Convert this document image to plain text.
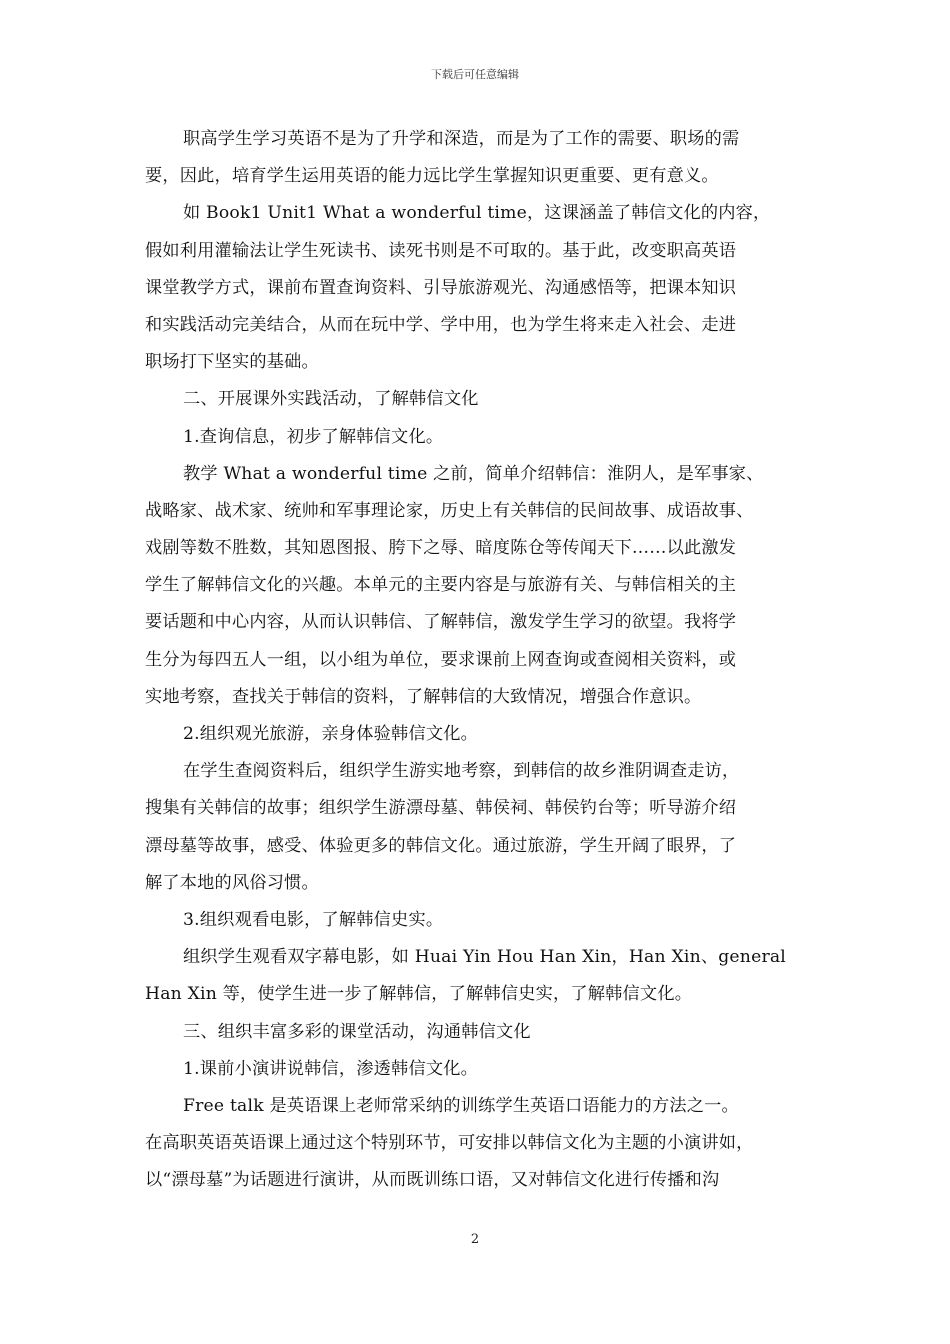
下载后可任意编辑
职高学生学习英语不是为了升学和深造，而是为了工作的需要、职场的需
要，因此，培育学生运用英语的能力远比学生掌握知识更重要、更有意义。
如 Book1 Unit1 What a wonderful time，这课涵盖了韩信文化的内容，
假如利用灌输法让学生死读书、读死书则是不可取的。基于此，改变职高英语
课堂教学方式，课前布置查询资料、引导旅游观光、沟通感悟等，把课本知识
和实践活动完美结合，从而在玩中学、学中用，也为学生将来走入社会、走进
职场打下坚实的基础。
二、开展课外实践活动，了解韩信文化
1.查询信息，初步了解韩信文化。
教学 What a wonderful time 之前，简单介绍韩信：淮阴人，是军事家、
战略家、战术家、统帅和军事理论家，历史上有关韩信的民间故事、成语故事、
戏剧等数不胜数，其知恩图报、胯下之辱、暗度陈仓等传闻天下……以此激发
学生了解韩信文化的兴趣。本单元的主要内容是与旅游有关、与韩信相关的主
要话题和中心内容，从而认识韩信、了解韩信，激发学生学习的欲望。我将学
生分为每四五人一组，以小组为单位，要求课前上网查询或查阅相关资料，或
实地考察，查找关于韩信的资料，了解韩信的大致情况，增强合作意识。
2.组织观光旅游，亲身体验韩信文化。
在学生查阅资料后，组织学生游实地考察，到韩信的故乡淮阴调查走访，
搜集有关韩信的故事；组织学生游漂母墓、韩侯祠、韩侯钓台等；听导游介绍
漂母墓等故事，感受、体验更多的韩信文化。通过旅游，学生开阔了眼界，了
解了本地的风俗习惯。
3.组织观看电影，了解韩信史实。
组织学生观看双字幕电影，如 Huai Yin Hou Han Xin，Han Xin、general
Han Xin 等，使学生进一步了解韩信，了解韩信史实，了解韩信文化。
三、组织丰富多彩的课堂活动，沟通韩信文化
1.课前小演讲说韩信，渗透韩信文化。
Free talk 是英语课上老师常采纳的训练学生英语口语能力的方法之一。
在高职英语英语课上通过这个特别环节，可安排以韩信文化为主题的小演讲如，
以“漂母墓”为话题进行演讲，从而既训练口语，又对韩信文化进行传播和沟
2
